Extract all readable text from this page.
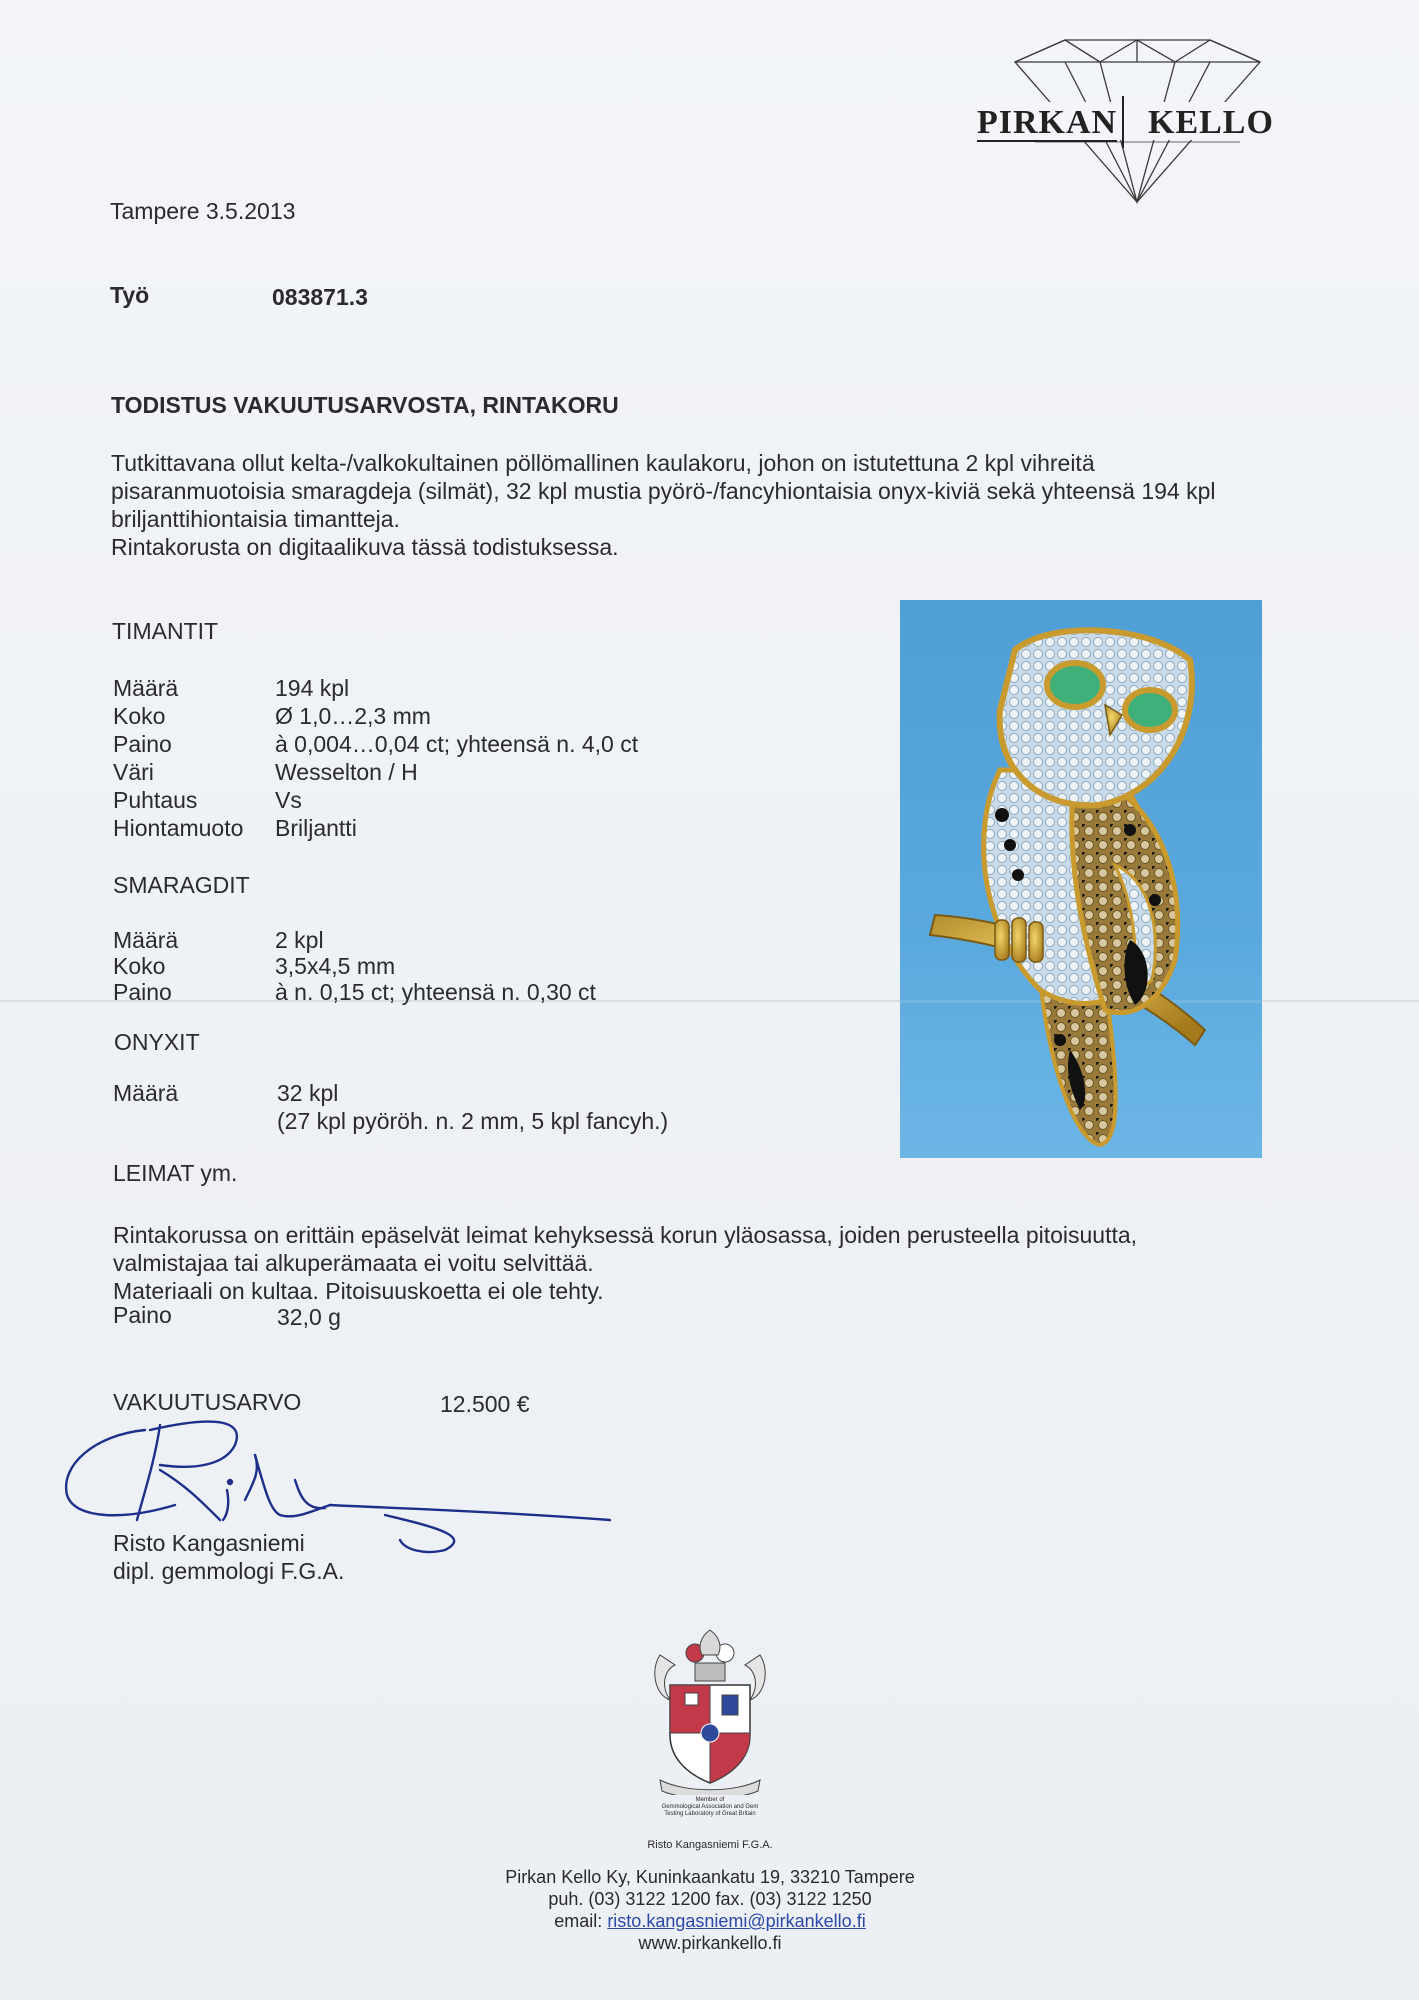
PIRKAN KELLO
Tampere 3.5.2013
Työ	083871.3
TODISTUS VAKUUTUSARVOSTA, RINTAKORU
Tutkittavana ollut kelta-/valkokultainen pöllömallinen kaulakoru, johon on istutettuna 2 kpl vihreitä
pisaranmuotoisia smaragdeja (silmät), 32 kpl mustia pyörö-/fancyhiontaisia onyx-kiviä sekä yhteensä 194 kpl
briljanttihiontaisia timantteja.
Rintakorusta on digitaalikuva tässä todistuksessa.
TIMANTIT
Määrä	194 kpl
Koko	Ø 1,0…2,3 mm
Paino	à 0,004…0,04 ct; yhteensä n. 4,0 ct
Väri	Wesselton / H
Puhtaus	Vs
Hiontamuoto Briljantti
SMARAGDIT
Määrä	2 kpl
Koko	3,5x4,5 mm
Paino	à n. 0,15 ct; yhteensä n. 0,30 ct
ONYXIT
Määrä	32 kpl
(27 kpl pyöröh. n. 2 mm, 5 kpl fancyh.)
LEIMAT ym.
Rintakorussa on erittäin epäselvät leimat kehyksessä korun yläosassa, joiden perusteella pitoisuutta,
valmistajaa tai alkuperämaata ei voitu selvittää.
Materiaali on kultaa. Pitoisuuskoetta ei ole tehty.
Paino	32,0 g
VAKUUTUSARVO	12.500 €
Risto Kangasniemi
dipl. gemmologi F.G.A.
Member of
Gemmological Association and Gem
Testing Laboratory of Great Britain
Risto Kangasniemi F.G.A.
Pirkan Kello Ky, Kuninkaankatu 19, 33210 Tampere
puh. (03) 3122 1200 fax. (03) 3122 1250
email: risto.kangasniemi@pirkankello.fi
www.pirkankello.fi
